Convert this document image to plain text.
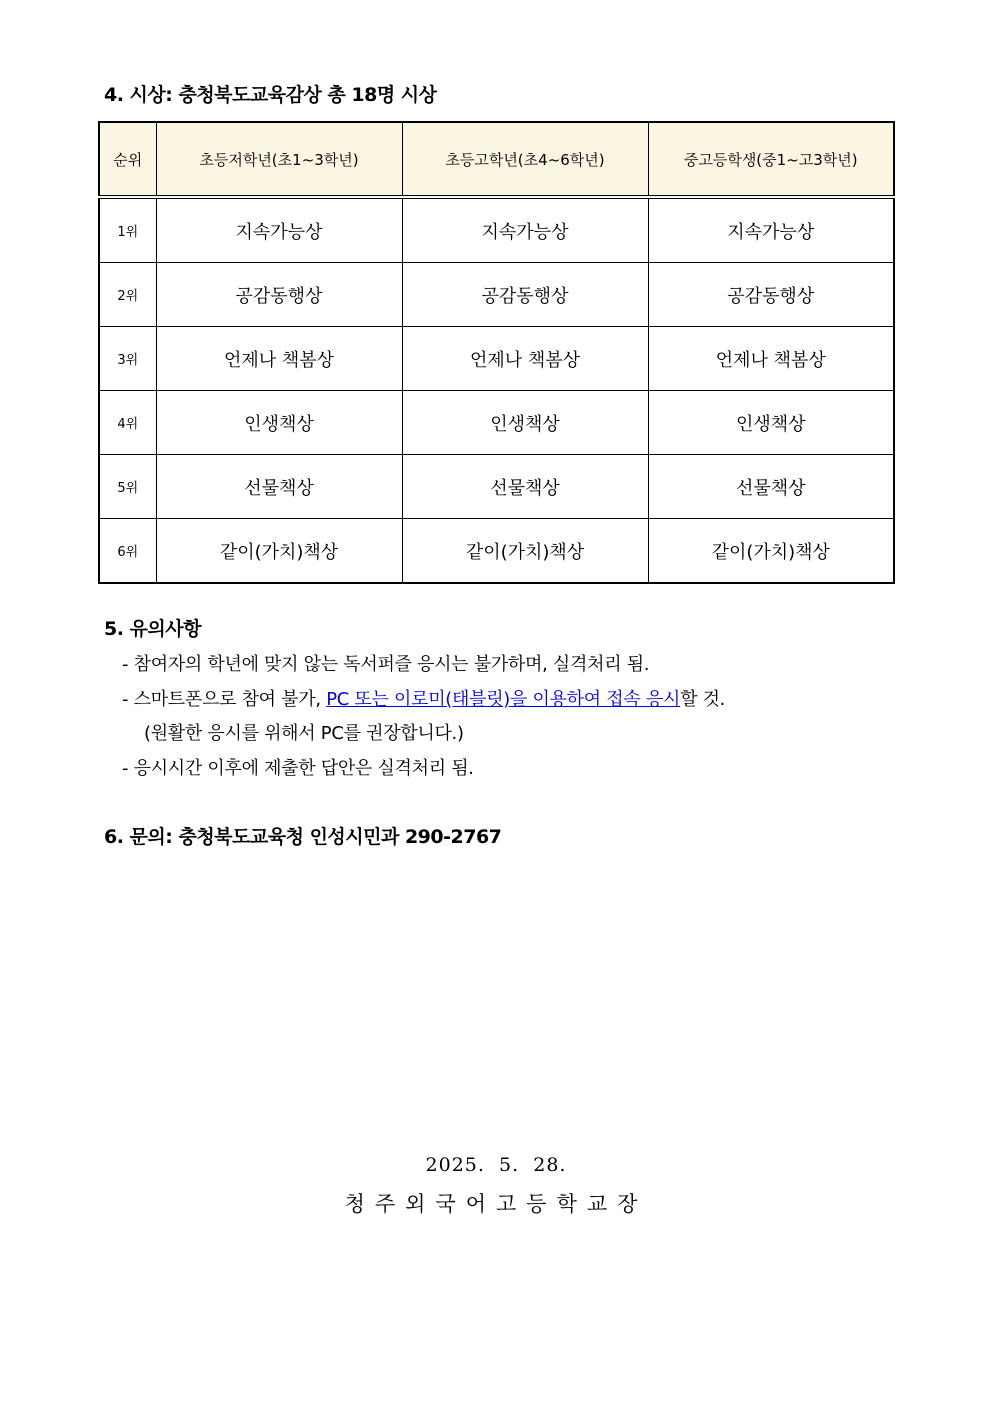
4. 시상: 충청북도교육감상 총 18명 시상
순위	초등저학년(초1~3학년)	초등고학년(초4~6학년)	중고등학생(중1~고3학년)
1위	지속가능상	지속가능상	지속가능상
2위	공감동행상	공감동행상	공감동행상
3위	언제나 책봄상	언제나 책봄상	언제나 책봄상
4위	인생책상	인생책상	인생책상
5위	선물책상	선물책상	선물책상
6위	같이(가치)책상	같이(가치)책상	같이(가치)책상
5. 유의사항
- 참여자의 학년에 맞지 않는 독서퍼즐 응시는 불가하며, 실격처리 됨.
- 스마트폰으로 참여 불가, PC 또는 이로미(태블릿)을 이용하여 접속 응시할 것.
(원활한 응시를 위해서 PC를 권장합니다.)
- 응시시간 이후에 제출한 답안은 실격처리 됨.
6. 문의: 충청북도교육청 인성시민과 290-2767
2025.  5.  28.
청주외국어고등학교장
